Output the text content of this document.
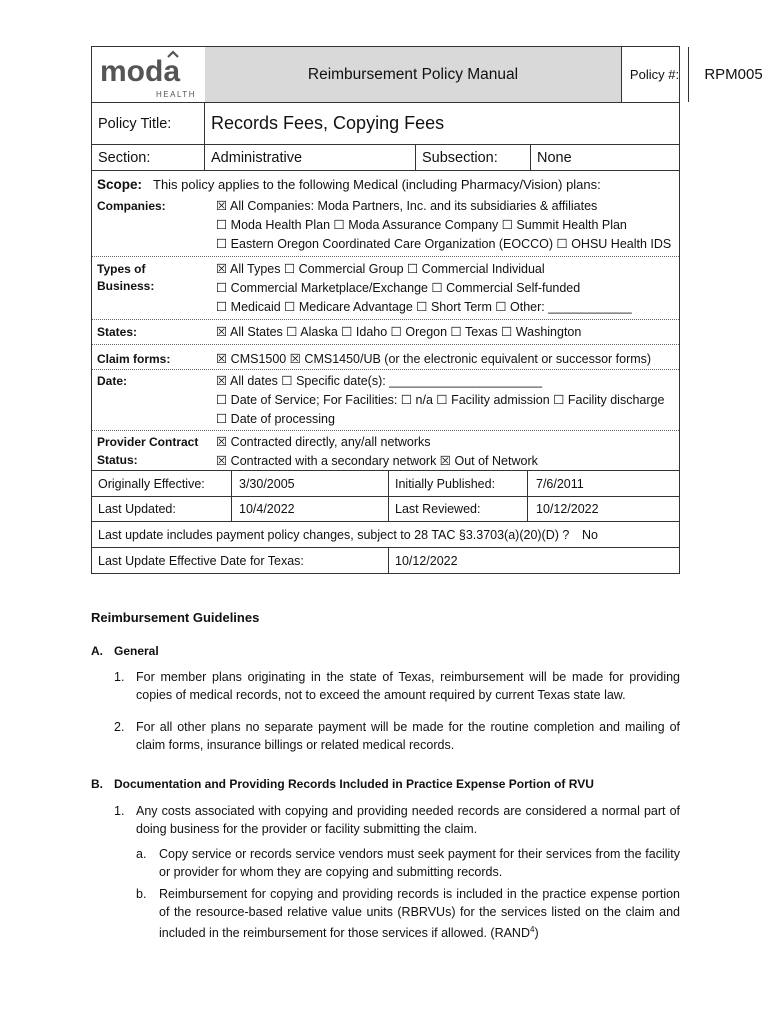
moda
HEALTH
Reimbursement Policy Manual	Policy #:	RPM005
Policy Title:	Records Fees, Copying Fees
Section:	Administrative	Subsection:	None
Scope: This policy applies to the following Medical (including Pharmacy/Vision) plans:
Companies:	☒ All Companies: Moda Partners, Inc. and its subsidiaries & affiliates
☐ Moda Health Plan ☐ Moda Assurance Company ☐ Summit Health Plan
☐ Eastern Oregon Coordinated Care Organization (EOCCO) ☐ OHSU Health IDS
Types of
Business:
☒ All Types ☐ Commercial Group ☐ Commercial Individual
☐ Commercial Marketplace/Exchange ☐ Commercial Self-funded
☐ Medicaid ☐ Medicare Advantage ☐ Short Term ☐ Other: ____________
States:	☒ All States ☐ Alaska ☐ Idaho ☐ Oregon ☐ Texas ☐ Washington
Claim forms:	☒ CMS1500 ☒ CMS1450/UB (or the electronic equivalent or successor forms)
Date:	☒ All dates ☐ Specific date(s): ______________________
☐ Date of Service; For Facilities: ☐ n/a ☐ Facility admission ☐ Facility discharge
☐ Date of processing
Provider Contract
Status:
☒ Contracted directly, any/all networks
☒ Contracted with a secondary network ☒ Out of Network
Originally Effective:	3/30/2005	Initially Published:	7/6/2011
Last Updated:	10/4/2022	Last Reviewed:	10/12/2022
Last update includes payment policy changes, subject to 28 TAC §3.3703(a)(20)(D) ? No
Last Update Effective Date for Texas:	10/12/2022
Reimbursement Guidelines
A. General
1. For member plans originating in the state of Texas, reimbursement will be made for providing copies of medical records, not to exceed the amount required by current Texas state law.
2. For all other plans no separate payment will be made for the routine completion and mailing of claim forms, insurance billings or related medical records.
B. Documentation and Providing Records Included in Practice Expense Portion of RVU
1. Any costs associated with copying and providing needed records are considered a normal part of doing business for the provider or facility submitting the claim.
a. Copy service or records service vendors must seek payment for their services from the facility or provider for whom they are copying and submitting records.
b. Reimbursement for copying and providing records is included in the practice expense portion of the resource-based relative value units (RBRVUs) for the services listed on the claim and included in the reimbursement for those services if allowed. (RAND$^4$)
